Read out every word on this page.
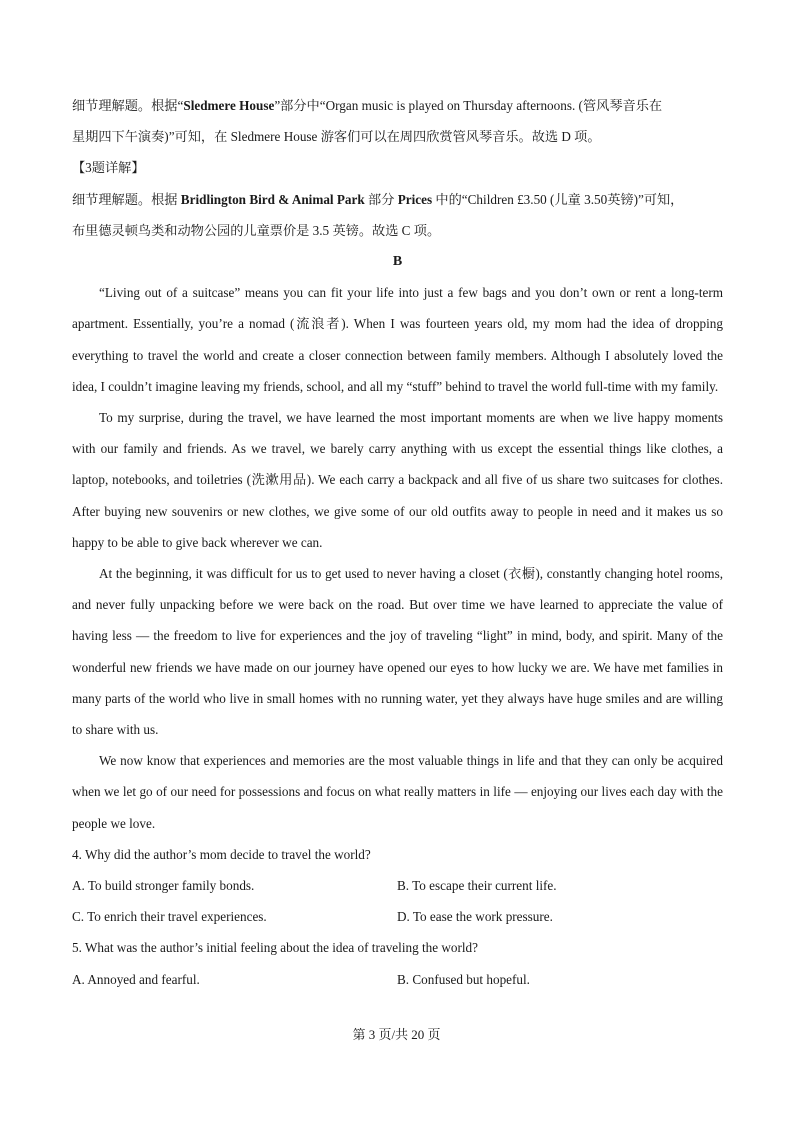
细节理解题。根据“Sledmere House”部分中“Organ music is played on Thursday afternoons. (管风琴音乐在
星期四下午演奏)”可知，在 Sledmere House 游客们可以在周四欣赏管风琴音乐。故选 D 项。
【3题详解】
细节理解题。根据 Bridlington Bird & Animal Park 部分 Prices 中的“Children £3.50 (儿童 3.50英镑)”可知，
布里德灵顿鸟类和动物公园的儿童票价是 3.5 英镑。故选 C 项。
B
“Living out of a suitcase” means you can fit your life into just a few bags and you don’t own or rent a long-term apartment. Essentially, you’re a nomad (流浪者). When I was fourteen years old, my mom had the idea of dropping everything to travel the world and create a closer connection between family members. Although I absolutely loved the idea, I couldn’t imagine leaving my friends, school, and all my “stuff” behind to travel the world full-time with my family.
To my surprise, during the travel, we have learned the most important moments are when we live happy moments with our family and friends. As we travel, we barely carry anything with us except the essential things like clothes, a laptop, notebooks, and toiletries (洗漱用品). We each carry a backpack and all five of us share two suitcases for clothes. After buying new souvenirs or new clothes, we give some of our old outfits away to people in need and it makes us so happy to be able to give back wherever we can.
At the beginning, it was difficult for us to get used to never having a closet (衣橱), constantly changing hotel rooms, and never fully unpacking before we were back on the road. But over time we have learned to appreciate the value of having less — the freedom to live for experiences and the joy of traveling “light” in mind, body, and spirit. Many of the wonderful new friends we have made on our journey have opened our eyes to how lucky we are. We have met families in many parts of the world who live in small homes with no running water, yet they always have huge smiles and are willing to share with us.
We now know that experiences and memories are the most valuable things in life and that they can only be acquired when we let go of our need for possessions and focus on what really matters in life — enjoying our lives each day with the people we love.
4. Why did the author’s mom decide to travel the world?
A. To build stronger family bonds.	B. To escape their current life.
C. To enrich their travel experiences.	D. To ease the work pressure.
5. What was the author’s initial feeling about the idea of traveling the world?
A. Annoyed and fearful.	B. Confused but hopeful.
第 3 页/共 20 页
